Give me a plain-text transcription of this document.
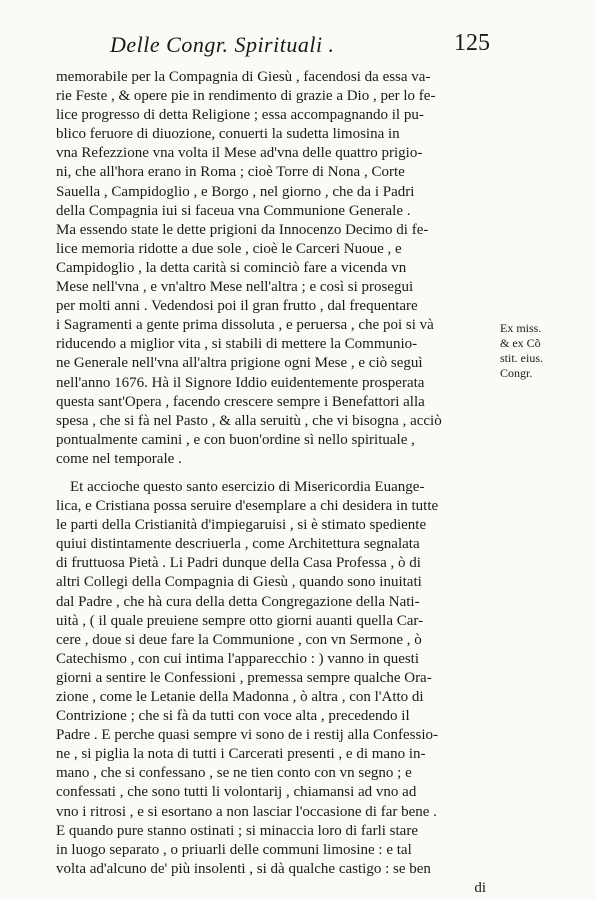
Delle Congr. Spirituali .	125
memorabile per la Compagnia di Giesù , facendosi da essa va-
rie Feste , & opere pie in rendimento di grazie a Dio , per lo fe-
lice progresso di detta Religione ; essa accompagnando il pu-
blico feruore di diuozione, conuerti la sudetta limosina in
vna Refezzione vna volta il Mese ad'vna delle quattro prigio-
ni, che all'hora erano in Roma ; cioè Torre di Nona , Corte
Sauella , Campidoglio , e Borgo , nel giorno , che da i Padri
della Compagnia iui si faceua vna Communione Generale .
Ma essendo state le dette prigioni da Innocenzo Decimo di fe-
lice memoria ridotte a due sole , cioè le Carceri Nuoue , e
Campidoglio , la detta carità si cominciò fare a vicenda vn
Mese nell'vna , e vn'altro Mese nell'altra ; e così si prosegui
per molti anni . Vedendosi poi il gran frutto , dal frequentare
i Sagramenti a gente prima dissoluta , e peruersa , che poi si và
riducendo a miglior vita , si stabili di mettere la Communio-
ne Generale nell'vna all'altra prigione ogni Mese , e ciò seguì
nell'anno 1676. Hà il Signore Iddio euidentemente prosperata
questa sant'Opera , facendo crescere sempre i Benefattori alla
spesa , che si fà nel Pasto , & alla seruitù , che vi bisogna , acciò
pontualmente camini , e con buon'ordine sì nello spirituale ,
come nel temporale .
Et accioche questo santo esercizio di Misericordia Euange-
lica, e Cristiana possa seruire d'esemplare a chi desidera in tutte
le parti della Cristianità d'impiegaruisi , si è stimato spediente
quiui distintamente descriuerla , come Architettura segnalata
di fruttuosa Pietà . Li Padri dunque della Casa Professa , ò di
altri Collegi della Compagnia di Giesù , quando sono inuitati
dal Padre , che hà cura della detta Congregazione della Nati-
uità , ( il quale preuiene sempre otto giorni auanti quella Car-
cere , doue si deue fare la Communione , con vn Sermone , ò
Catechismo , con cui intima l'apparecchio : ) vanno in questi
giorni a sentire le Confessioni , premessa sempre qualche Ora-
zione , come le Letanie della Madonna , ò altra , con l'Atto di
Contrizione ; che si fà da tutti con voce alta , precedendo il
Padre . E perche quasi sempre vi sono de i restij alla Confessio-
ne , si piglia la nota di tutti i Carcerati presenti , e di mano in-
mano , che si confessano , se ne tien conto con vn segno ; e
confessati , che sono tutti li volontarij , chiamansi ad vno ad
vno i ritrosi , e si esortano a non lasciar l'occasione di far bene .
E quando pure stanno ostinati ; si minaccia loro di farli stare
in luogo separato , o priuarli delle communi limosine : e tal
volta ad'alcuno de' più insolenti , si dà qualche castigo : se ben
di
Ex miss.
& ex Cõ
stit. eius.
Congr.
